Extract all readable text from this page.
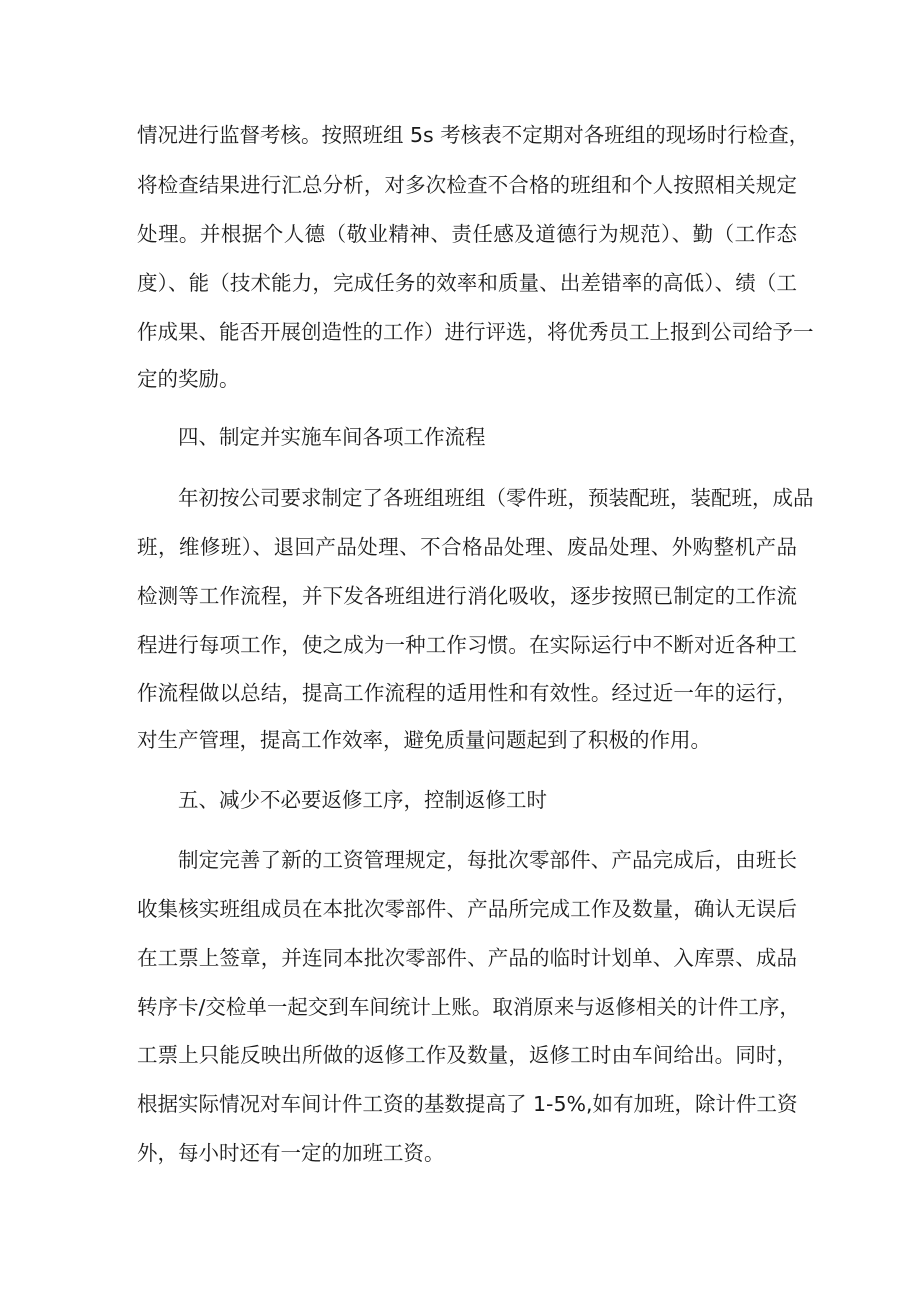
情况进行监督考核。按照班组 5s 考核表不定期对各班组的现场时行检查，
将检查结果进行汇总分析，对多次检查不合格的班组和个人按照相关规定
处理。并根据个人德（敬业精神、责任感及道德行为规范）、勤（工作态
度）、能（技术能力，完成任务的效率和质量、出差错率的高低）、绩（工
作成果、能否开展创造性的工作）进行评选，将优秀员工上报到公司给予一
定的奖励。
四、制定并实施车间各项工作流程
年初按公司要求制定了各班组班组（零件班，预装配班，装配班，成品
班，维修班）、退回产品处理、不合格品处理、废品处理、外购整机产品
检测等工作流程，并下发各班组进行消化吸收，逐步按照已制定的工作流
程进行每项工作，使之成为一种工作习惯。在实际运行中不断对近各种工
作流程做以总结，提高工作流程的适用性和有效性。经过近一年的运行，
对生产管理，提高工作效率，避免质量问题起到了积极的作用。
五、减少不必要返修工序，控制返修工时
制定完善了新的工资管理规定，每批次零部件、产品完成后，由班长
收集核实班组成员在本批次零部件、产品所完成工作及数量，确认无误后
在工票上签章，并连同本批次零部件、产品的临时计划单、入库票、成品
转序卡/交检单一起交到车间统计上账。取消原来与返修相关的计件工序，
工票上只能反映出所做的返修工作及数量，返修工时由车间给出。同时，
根据实际情况对车间计件工资的基数提高了 1-5%,如有加班，除计件工资
外，每小时还有一定的加班工资。
